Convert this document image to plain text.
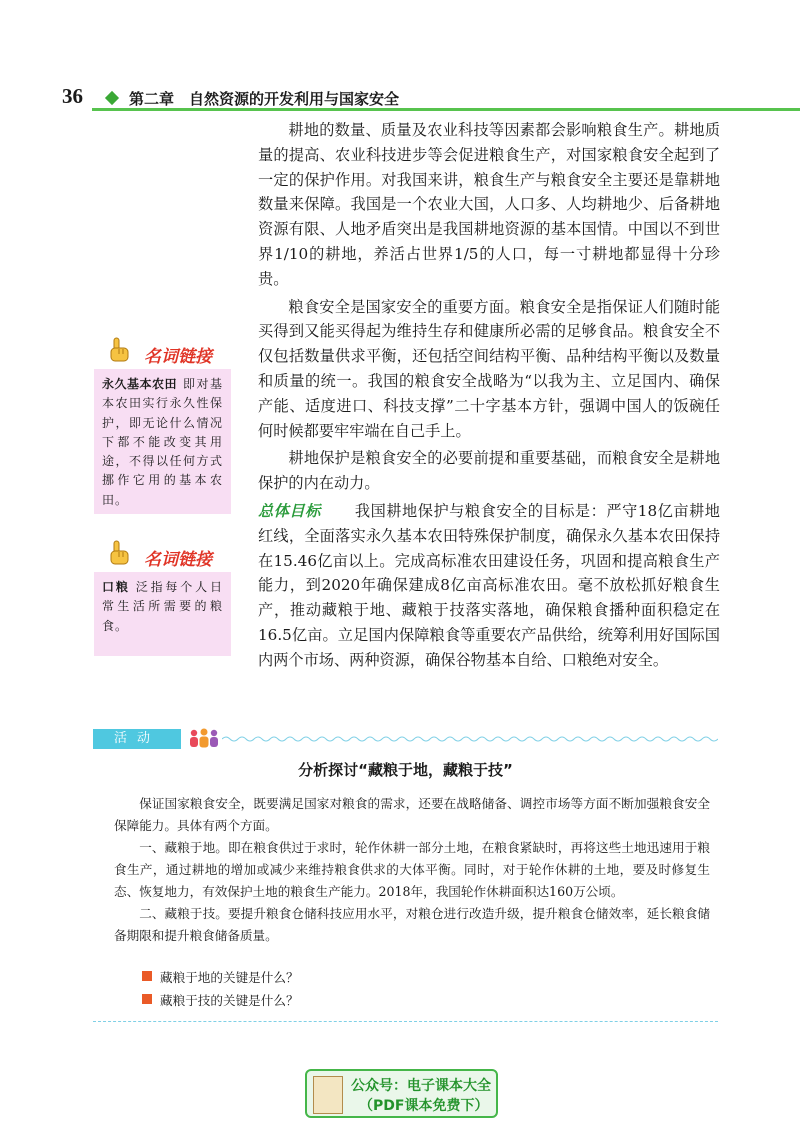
36	第二章　自然资源的开发利用与国家安全

耕地的数量、质量及农业科技等因素都会影响粮食生产。耕地质量的提高、农业科技进步等会促进粮食生产，对国家粮食安全起到了一定的保护作用。对我国来讲，粮食生产与粮食安全主要还是靠耕地数量来保障。我国是一个农业大国，人口多、人均耕地少、后备耕地资源有限、人地矛盾突出是我国耕地资源的基本国情。中国以不到世界1/10的耕地，养活占世界1/5的人口，每一寸耕地都显得十分珍贵。

粮食安全是国家安全的重要方面。粮食安全是指保证人们随时能买得到又能买得起为维持生存和健康所必需的足够食品。粮食安全不仅包括数量供求平衡，还包括空间结构平衡、品种结构平衡以及数量和质量的统一。我国的粮食安全战略为“以我为主、立足国内、确保产能、适度进口、科技支撑”二十字基本方针，强调中国人的饭碗任何时候都要牢牢端在自己手上。

耕地保护是粮食安全的必要前提和重要基础，而粮食安全是耕地保护的内在动力。

总体目标 我国耕地保护与粮食安全的目标是：严守18亿亩耕地红线，全面落实永久基本农田特殊保护制度，确保永久基本农田保持在15.46亿亩以上。完成高标准农田建设任务，巩固和提高粮食生产能力，到2020年确保建成8亿亩高标准农田。毫不放松抓好粮食生产，推动藏粮于地、藏粮于技落实落地，确保粮食播种面积稳定在16.5亿亩。立足国内保障粮食等重要农产品供给，统筹利用好国际国内两个市场、两种资源，确保谷物基本自给、口粮绝对安全。

名词链接
永久基本农田 即对基本农田实行永久性保护，即无论什么情况下都不能改变其用途，不得以任何方式挪作它用的基本农田。
名词链接
口粮 泛指每个人日常生活所需要的粮食。
活动
分析探讨“藏粮于地，藏粮于技”

保证国家粮食安全，既要满足国家对粮食的需求，还要在战略储备、调控市场等方面不断加强粮食安全保障能力。具体有两个方面。

一、藏粮于地。即在粮食供过于求时，轮作休耕一部分土地，在粮食紧缺时，再将这些土地迅速用于粮食生产，通过耕地的增加或减少来维持粮食供求的大体平衡。同时，对于轮作休耕的土地，要及时修复生态、恢复地力，有效保护土地的粮食生产能力。2018年，我国轮作休耕面积达160万公顷。

二、藏粮于技。要提升粮食仓储科技应用水平，对粮仓进行改造升级，提升粮食仓储效率，延长粮食储备期限和提升粮食储备质量。

藏粮于地的关键是什么？
藏粮于技的关键是什么？
公众号：电子课本大全
（PDF课本免费下）
